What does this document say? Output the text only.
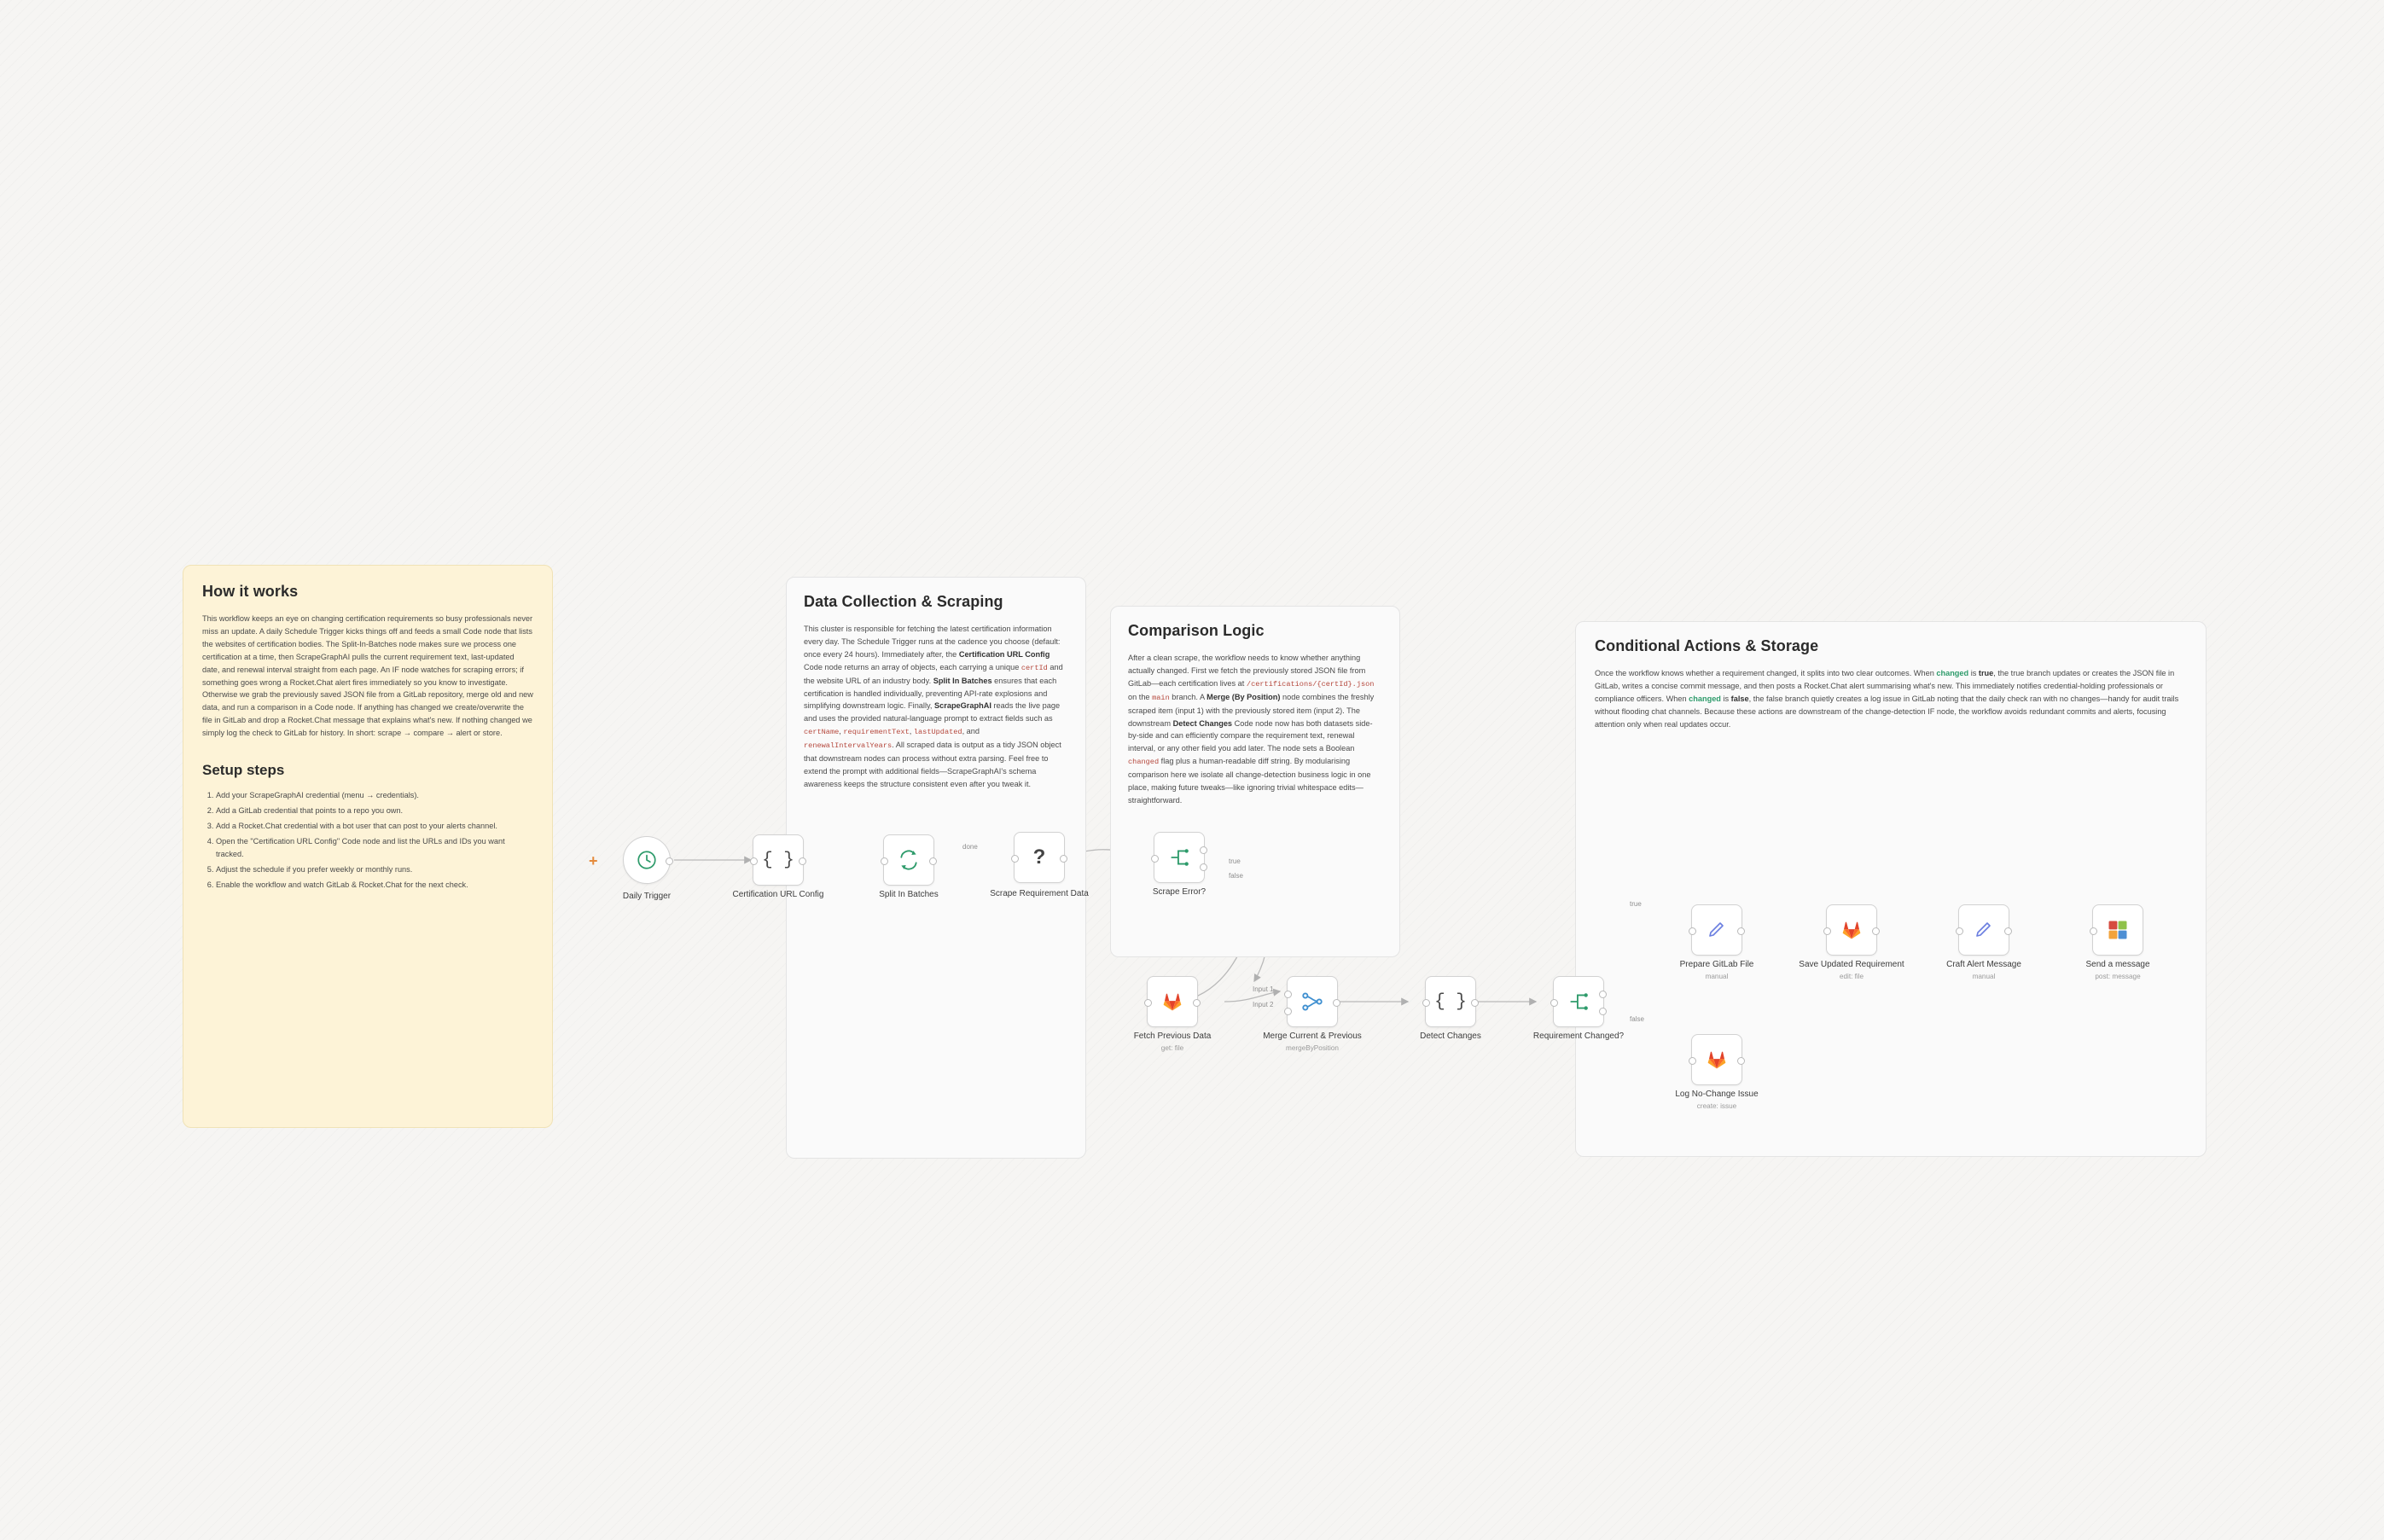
How it works

This workflow keeps an eye on changing certification requirements so busy professionals never miss an update. A daily Schedule Trigger kicks things off and feeds a small Code node that lists the websites of certification bodies. The Split-In-Batches node makes sure we process one certification at a time, then ScrapeGraphAI pulls the current requirement text, last-updated date, and renewal interval straight from each page. An IF node watches for scraping errors; if something goes wrong a Rocket.Chat alert fires immediately so you know to investigate. Otherwise we grab the previously saved JSON file from a GitLab repository, merge old and new data, and run a comparison in a Code node. If anything has changed we create/overwrite the file in GitLab and drop a Rocket.Chat message that explains what's new. If nothing changed we simply log the check to GitLab for history. In short: scrape → compare → alert or store.

Setup steps
1. Add your ScrapeGraphAI credential (menu → credentials).
2. Add a GitLab credential that points to a repo you own.
3. Add a Rocket.Chat credential with a bot user that can post to your alerts channel.
4. Open the "Certification URL Config" Code node and list the URLs and IDs you want tracked.
5. Adjust the schedule if you prefer weekly or monthly runs.
6. Enable the workflow and watch GitLab & Rocket.Chat for the next check.
Data Collection & Scraping

This cluster is responsible for fetching the latest certification information every day. The Schedule Trigger runs at the cadence you choose (default: once every 24 hours). Immediately after, the Certification URL Config Code node returns an array of objects, each carrying a unique certId and the website URL of an industry body. Split In Batches ensures that each certification is handled individually, preventing API-rate explosions and simplifying downstream logic. Finally, ScrapeGraphAI reads the live page and uses the provided natural-language prompt to extract fields such as certName, requirementText, lastUpdated, and renewalIntervalYears. All scraped data is output as a tidy JSON object that downstream nodes can process without extra parsing. Feel free to extend the prompt with additional fields—ScrapeGraphAI's schema awareness keeps the structure consistent even after you tweak it.

Comparison Logic

After a clean scrape, the workflow needs to know whether anything actually changed. First we fetch the previously stored JSON file from GitLab—each certification lives at /certifications/{certId}.json on the main branch. A Merge (By Position) node combines the freshly scraped item (input 1) with the previously stored item (input 2). The downstream Detect Changes Code node now has both datasets side-by-side and can efficiently compare the requirement text, renewal interval, or any other field you add later. The node sets a Boolean changed flag plus a human-readable diff string. By modularising comparison here we isolate all change-detection business logic in one place, making future tweaks—like ignoring trivial whitespace edits—straightforward.

Conditional Actions & Storage

Once the workflow knows whether a requirement changed, it splits into two clear outcomes. When changed is true, the true branch updates or creates the JSON file in GitLab, writes a concise commit message, and then posts a Rocket.Chat alert summarising what's new. This immediately notifies credential-holding professionals or compliance officers. When changed is false, the false branch quietly creates a log issue in GitLab noting that the daily check ran with no changes—handy for audit trails without flooding chat channels. Because these actions are downstream of the change-detection IF node, the workflow avoids redundant commits and alerts, focusing attention only when real updates occur.

+
Daily Trigger
{ }
Certification URL Config	Split In Batches
done	?
Scrape Requirement Data	Scrape Error?
true
false
Fetch Previous Data
get: file
Merge Current & Previous
mergeByPosition
Input 1
Input 2	{ }
Detect Changes	Requirement Changed?
true
false
Prepare GitLab File
manual
Save Updated Requirement
edit: file
Craft Alert Message
manual
Send a message
post: message
Log No-Change Issue
create: issue
